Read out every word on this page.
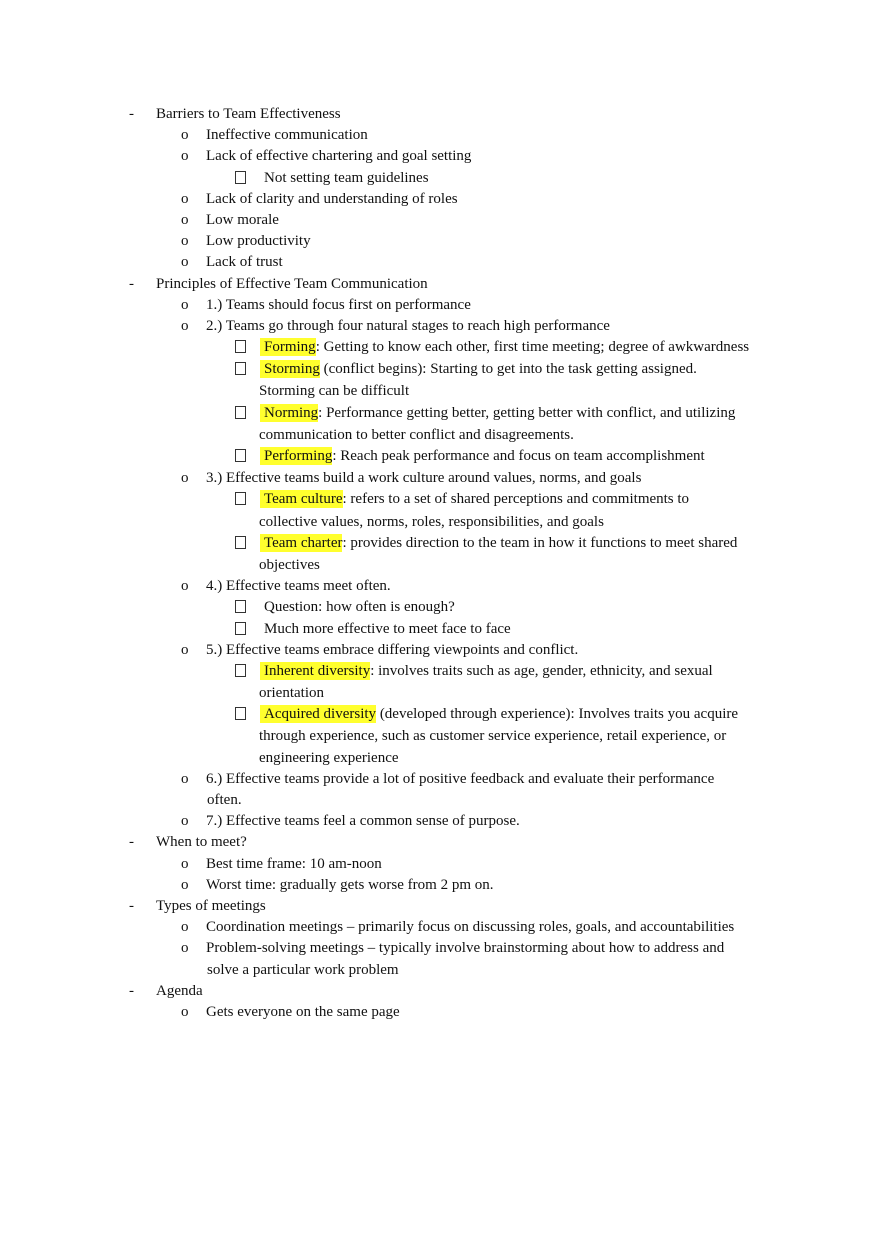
- Barriers to Team Effectiveness
o Ineffective communication
o Lack of effective chartering and goal setting
Not setting team guidelines
o Lack of clarity and understanding of roles
o Low morale
o Low productivity
o Lack of trust
- Principles of Effective Team Communication
o 1.) Teams should focus first on performance
o 2.) Teams go through four natural stages to reach high performance
Forming: Getting to know each other, first time meeting; degree of awkwardness
Storming (conflict begins): Starting to get into the task getting assigned.
Storming can be difficult
Norming: Performance getting better, getting better with conflict, and utilizing
communication to better conflict and disagreements.
Performing: Reach peak performance and focus on team accomplishment
o 3.) Effective teams build a work culture around values, norms, and goals
Team culture: refers to a set of shared perceptions and commitments to
collective values, norms, roles, responsibilities, and goals
Team charter: provides direction to the team in how it functions to meet shared
objectives
o 4.) Effective teams meet often.
Question: how often is enough?
Much more effective to meet face to face
o 5.) Effective teams embrace differing viewpoints and conflict.
Inherent diversity: involves traits such as age, gender, ethnicity, and sexual
orientation
Acquired diversity (developed through experience): Involves traits you acquire
through experience, such as customer service experience, retail experience, or
engineering experience
o 6.) Effective teams provide a lot of positive feedback and evaluate their performance
often.
o 7.) Effective teams feel a common sense of purpose.
- When to meet?
o Best time frame: 10 am-noon
o Worst time: gradually gets worse from 2 pm on.
- Types of meetings
o Coordination meetings – primarily focus on discussing roles, goals, and accountabilities
o Problem-solving meetings – typically involve brainstorming about how to address and
solve a particular work problem
- Agenda
o Gets everyone on the same page
